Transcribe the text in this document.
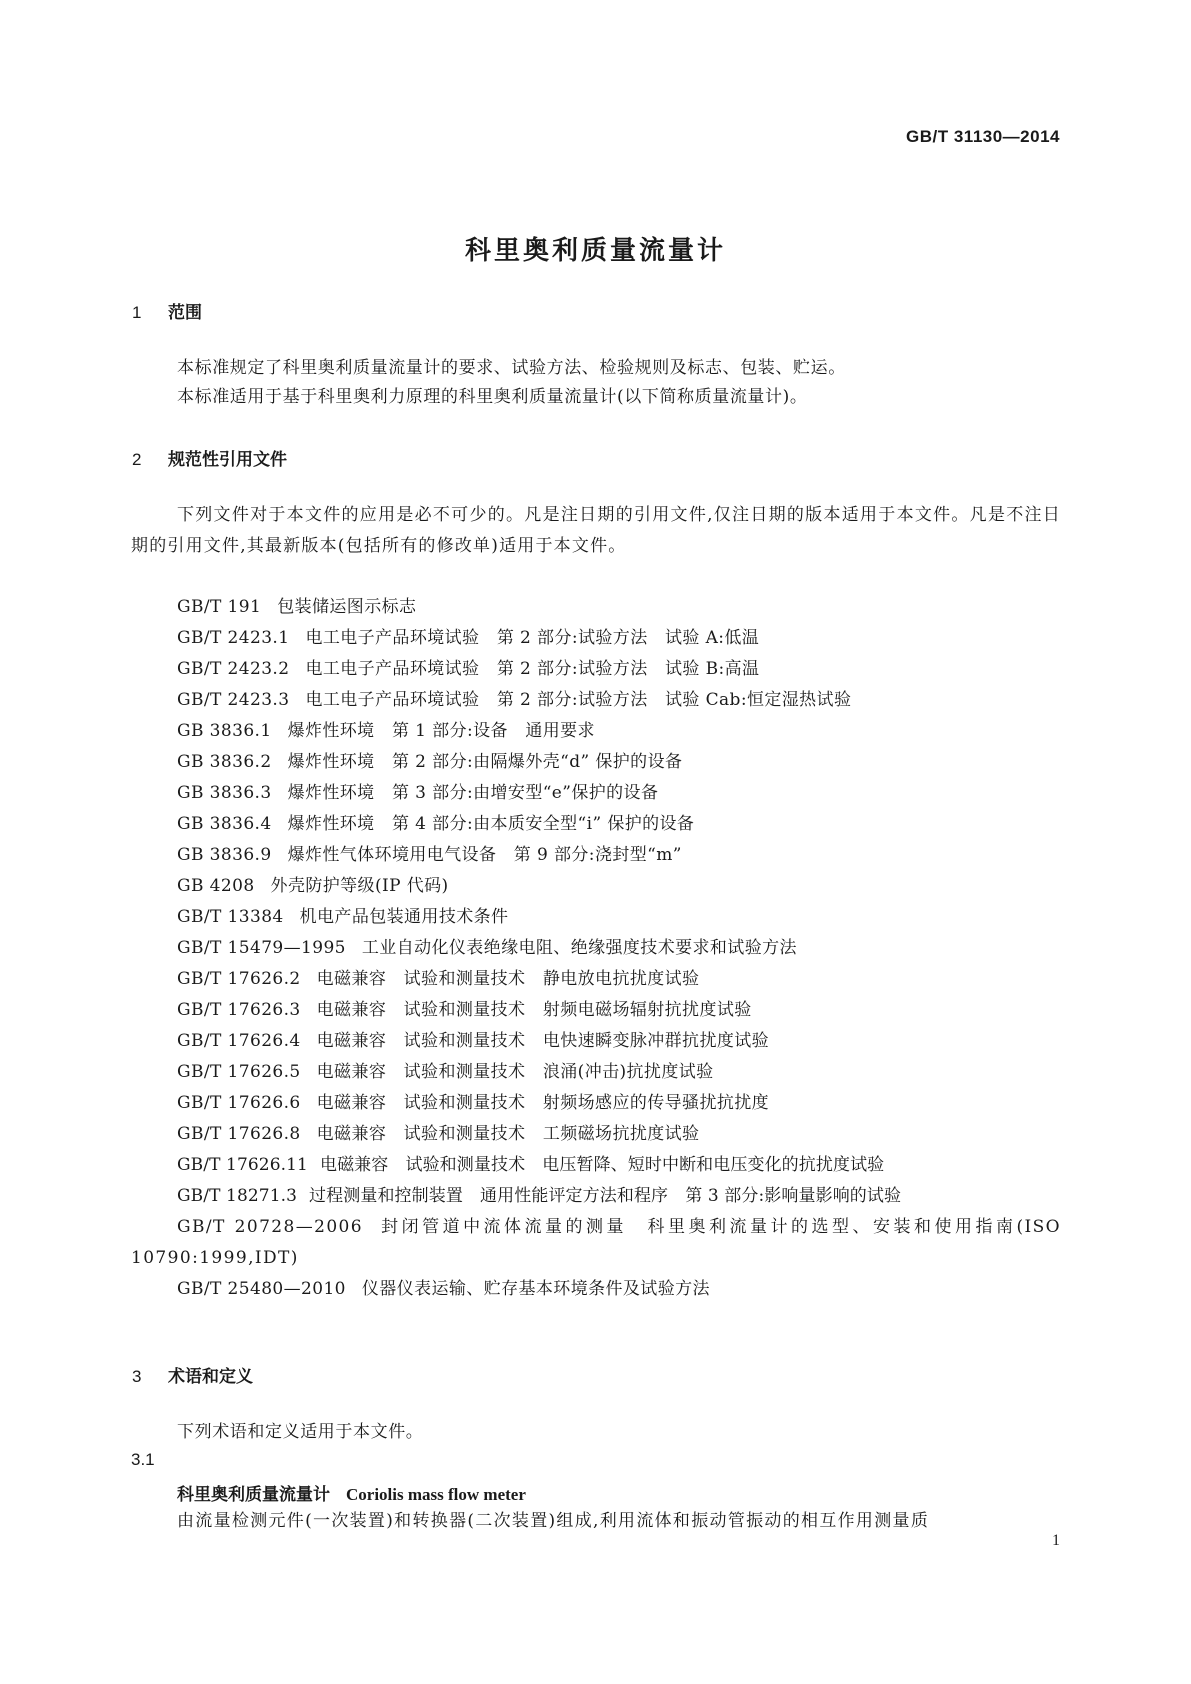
GB/T 31130—2014
科里奥利质量流量计
1 范围

本标准规定了科里奥利质量流量计的要求、试验方法、检验规则及标志、包装、贮运。

本标准适用于基于科里奥利力原理的科里奥利质量流量计(以下简称质量流量计)。

2 规范性引用文件

下列文件对于本文件的应用是必不可少的。凡是注日期的引用文件,仅注日期的版本适用于本文件。凡是不注日期的引用文件,其最新版本(包括所有的修改单)适用于本文件。

GB/T 191 包装储运图示标志
GB/T 2423.1 电工电子产品环境试验　第 2 部分:试验方法　试验 A:低温
GB/T 2423.2 电工电子产品环境试验　第 2 部分:试验方法　试验 B:高温
GB/T 2423.3 电工电子产品环境试验　第 2 部分:试验方法　试验 Cab:恒定湿热试验
GB 3836.1 爆炸性环境　第 1 部分:设备　通用要求
GB 3836.2 爆炸性环境　第 2 部分:由隔爆外壳“d” 保护的设备
GB 3836.3 爆炸性环境　第 3 部分:由增安型“e”保护的设备
GB 3836.4 爆炸性环境　第 4 部分:由本质安全型“i” 保护的设备
GB 3836.9 爆炸性气体环境用电气设备　第 9 部分:浇封型“m”
GB 4208 外壳防护等级(IP 代码)
GB/T 13384 机电产品包装通用技术条件
GB/T 15479—1995 工业自动化仪表绝缘电阻、绝缘强度技术要求和试验方法
GB/T 17626.2 电磁兼容　试验和测量技术　静电放电抗扰度试验
GB/T 17626.3 电磁兼容　试验和测量技术　射频电磁场辐射抗扰度试验
GB/T 17626.4 电磁兼容　试验和测量技术　电快速瞬变脉冲群抗扰度试验
GB/T 17626.5 电磁兼容　试验和测量技术　浪涌(冲击)抗扰度试验
GB/T 17626.6 电磁兼容　试验和测量技术　射频场感应的传导骚扰抗扰度
GB/T 17626.8 电磁兼容　试验和测量技术　工频磁场抗扰度试验
GB/T 17626.11 电磁兼容　试验和测量技术　电压暂降、短时中断和电压变化的抗扰度试验
GB/T 18271.3 过程测量和控制装置　通用性能评定方法和程序　第 3 部分:影响量影响的试验
GB/T 20728—2006 封闭管道中流体流量的测量　科里奥利流量计的选型、安装和使用指南(ISO 10790:1999,IDT)
GB/T 25480—2010 仪器仪表运输、贮存基本环境条件及试验方法
3 术语和定义

下列术语和定义适用于本文件。

3.1
科里奥利质量流量计 Coriolis mass flow meter

由流量检测元件(一次装置)和转换器(二次装置)组成,利用流体和振动管振动的相互作用测量质

1
